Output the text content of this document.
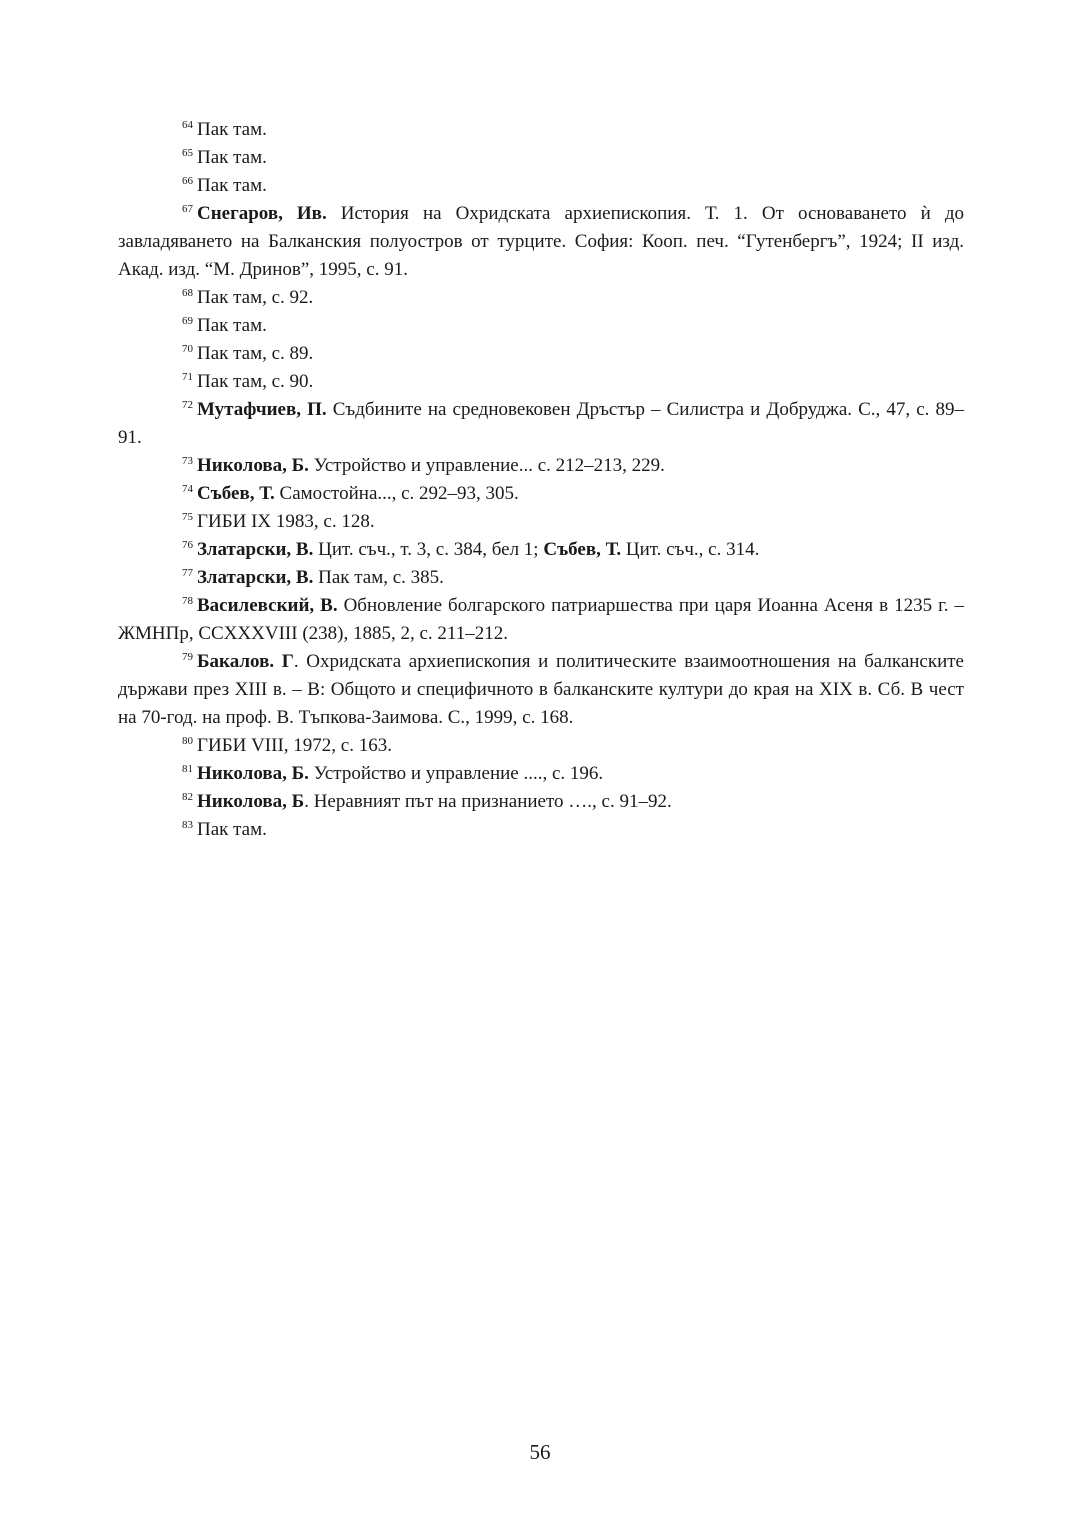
$^{64}$ Пак там.

$^{65}$ Пак там.

$^{66}$ Пак там.

$^{67}$ Снегаров, Ив. История на Охридската архиепископия. Т. 1. От основаването ѝ до завладяването на Балканския полуостров от турците. София: Кооп. печ. “Гутенбергъ”, 1924; II изд. Акад. изд. “М. Дринов”, 1995, с. 91.

$^{68}$ Пак там, с. 92.

$^{69}$ Пак там.

$^{70}$ Пак там, с. 89.

$^{71}$ Пак там, с. 90.

$^{72}$ Мутафчиев, П. Съдбините на средновековен Дръстър – Силистра и Добруджа. С., 47, с. 89–91.

$^{73}$ Николова, Б. Устройство и управление... с. 212–213, 229.

$^{74}$ Събев, Т. Самостойна..., с. 292–93, 305.

$^{75}$ ГИБИ IX 1983, с. 128.

$^{76}$ Златарски, В. Цит. съч., т. 3, с. 384, бел 1; Събев, Т. Цит. съч., с. 314.

$^{77}$ Златарски, В. Пак там, с. 385.

$^{78}$ Василевский, В. Обновление болгарского патриаршества при царя Иоанна Асеня в 1235 г. – ЖМНПр, CCXXXVIII (238), 1885, 2, с. 211–212.

$^{79}$ Бакалов. Г. Охридската архиепископия и политическите взаимоотношения на балканските държави през XIII в. – В: Общото и специфичното в балканските култури до края на XIX в. Сб. В чест на 70-год. на проф. В. Тъпкова-Заимова. С., 1999, с. 168.

$^{80}$ ГИБИ VIII, 1972, с. 163.

$^{81}$ Николова, Б. Устройство и управление ...., с. 196.

$^{82}$ Николова, Б. Неравният път на признанието …., с. 91–92.

$^{83}$ Пак там.

56
